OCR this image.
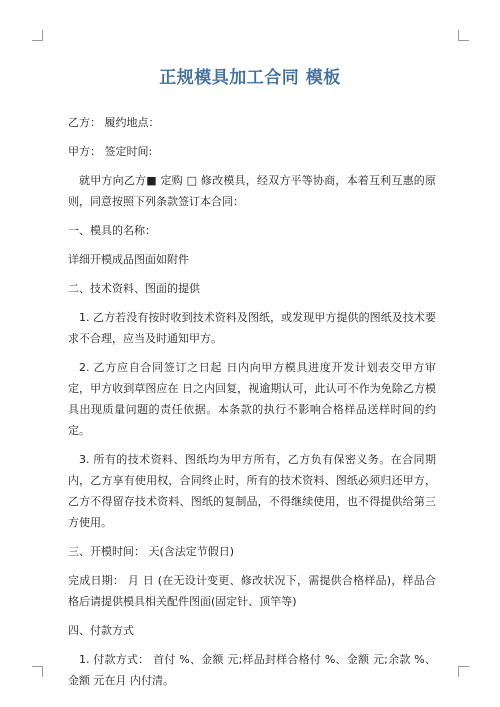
正规模具加工合同 模板

乙方： 履约地点：

甲方： 签定时间:

就甲方向乙方■ 定购 □ 修改模具，经双方平等协商，本着互利互惠的原则，同意按照下列条款签订本合同：

一、模具的名称：

详细开模成品图面如附件

二、技术资料、图面的提供

1. 乙方若没有按时收到技术资料及图纸，或发现甲方提供的图纸及技术要求不合理，应当及时通知甲方。

2. 乙方应自合同签订之日起 日内向甲方模具进度开发计划表交甲方审定，甲方收到草图应在 日之内回复，视逾期认可，此认可不作为免除乙方模具出现质量问题的责任依据。本条款的执行不影响合格样品送样时间的约定。

3. 所有的技术资料、图纸均为甲方所有，乙方负有保密义务。在合同期内，乙方享有使用权，合同终止时，所有的技术资料、图纸必须归还甲方，乙方不得留存技术资料、图纸的复制品，不得继续使用，也不得提供给第三方使用。

三、开模时间： 天(含法定节假日)

完成日期： 月 日 (在无设计变更、修改状况下，需提供合格样品)，样品合格后请提供模具相关配件图面(固定针、顶竿等)

四、付款方式

1. 付款方式： 首付 %、金额 元;样品封样合格付 %、金额 元;余款 %、金额 元在月 内付清。
